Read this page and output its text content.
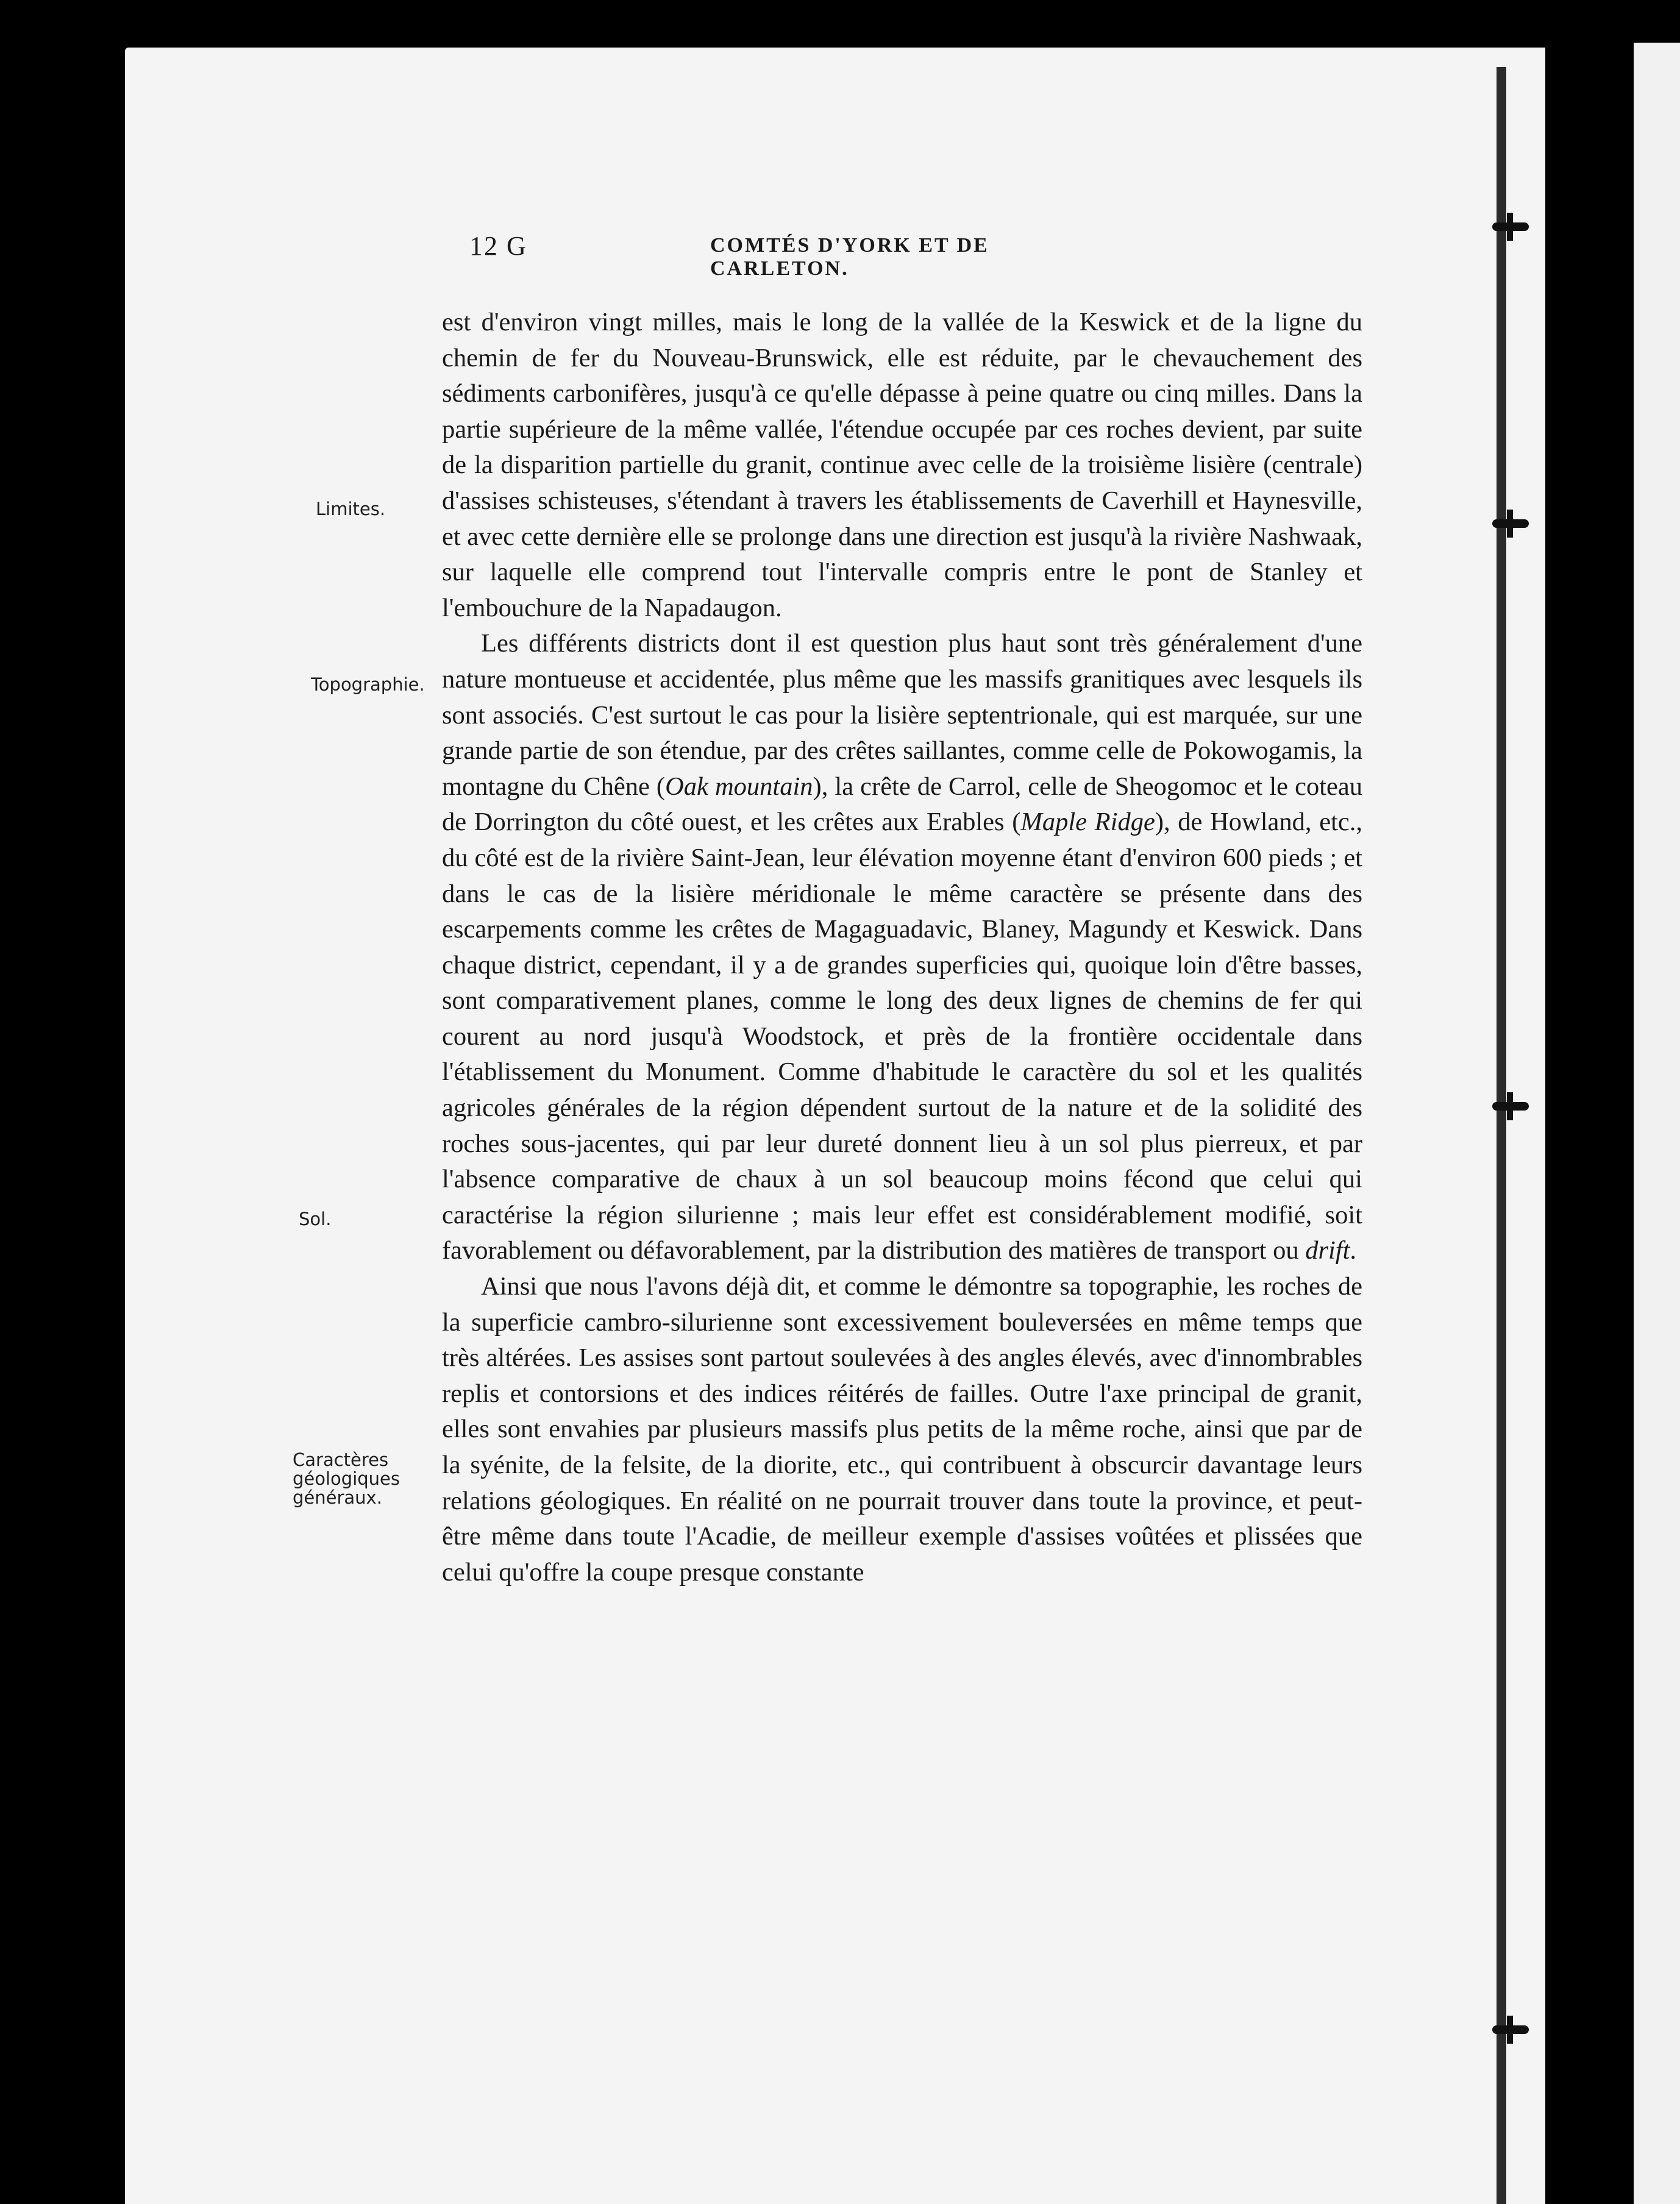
12 G	COMTÉS D'YORK ET DE CARLETON.
Limites.
Topographie.
Sol.
Caractères géologiques généraux.

est d'environ vingt milles, mais le long de la vallée de la Keswick et de la ligne du chemin de fer du Nouveau-Brunswick, elle est réduite, par le chevauchement des sédiments carbonifères, jusqu'à ce qu'elle dépasse à peine quatre ou cinq milles. Dans la partie supérieure de la même vallée, l'étendue occupée par ces roches devient, par suite de la disparition partielle du granit, continue avec celle de la troisième lisière (centrale) d'assises schisteuses, s'étendant à travers les établissements de Caverhill et Haynesville, et avec cette dernière elle se prolonge dans une direction est jusqu'à la rivière Nashwaak, sur laquelle elle comprend tout l'intervalle compris entre le pont de Stanley et l'embouchure de la Napadaugon.

Les différents districts dont il est question plus haut sont très généralement d'une nature montueuse et accidentée, plus même que les massifs granitiques avec lesquels ils sont associés. C'est surtout le cas pour la lisière septentrionale, qui est marquée, sur une grande partie de son étendue, par des crêtes saillantes, comme celle de Pokowogamis, la montagne du Chêne (Oak mountain), la crête de Carrol, celle de Sheogomoc et le coteau de Dorrington du côté ouest, et les crêtes aux Erables (Maple Ridge), de Howland, etc., du côté est de la rivière Saint-Jean, leur élévation moyenne étant d'environ 600 pieds ; et dans le cas de la lisière méridionale le même caractère se présente dans des escarpements comme les crêtes de Magaguadavic, Blaney, Magundy et Keswick. Dans chaque district, cependant, il y a de grandes superficies qui, quoique loin d'être basses, sont comparativement planes, comme le long des deux lignes de chemins de fer qui courent au nord jusqu'à Woodstock, et près de la frontière occidentale dans l'établissement du Monument. Comme d'habitude le caractère du sol et les qualités agricoles générales de la région dépendent surtout de la nature et de la solidité des roches sous-jacentes, qui par leur dureté donnent lieu à un sol plus pierreux, et par l'absence comparative de chaux à un sol beaucoup moins fécond que celui qui caractérise la région silurienne ; mais leur effet est considérablement modifié, soit favorablement ou défavorablement, par la distribution des matières de transport ou drift.

Ainsi que nous l'avons déjà dit, et comme le démontre sa topographie, les roches de la superficie cambro-silurienne sont excessivement bouleversées en même temps que très altérées. Les assises sont partout soulevées à des angles élevés, avec d'innombrables replis et contorsions et des indices réitérés de failles. Outre l'axe principal de granit, elles sont envahies par plusieurs massifs plus petits de la même roche, ainsi que par de la syénite, de la felsite, de la diorite, etc., qui contribuent à obscurcir davantage leurs relations géologiques. En réalité on ne pourrait trouver dans toute la province, et peut-être même dans toute l'Acadie, de meilleur exemple d'assises voûtées et plissées que celui qu'offre la coupe presque constante
